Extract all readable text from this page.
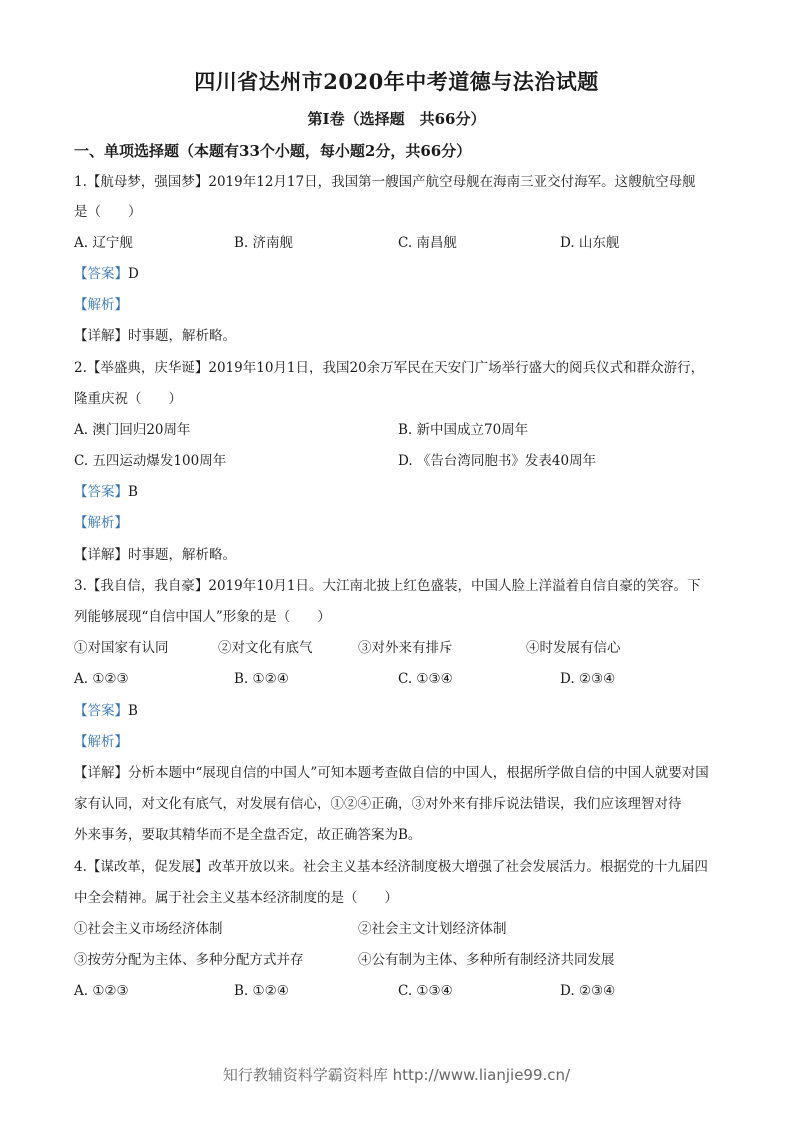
四川省达州市2020年中考道德与法治试题
第I卷（选择题　共66分）
一、单项选择题（本题有33个小题，每小题2分，共66分）
1.【航母梦，强国梦】2019年12月17日，我国第一艘国产航空母舰在海南三亚交付海军。这艘航空母舰
是（　　）
A. 辽宁舰	B. 济南舰	C. 南昌舰	D. 山东舰
【答案】D
【解析】
【详解】时事题，解析略。
2.【举盛典，庆华诞】2019年10月1日，我国20余万军民在天安门广场举行盛大的阅兵仪式和群众游行，
隆重庆祝（　　）
A. 澳门回归20周年	B. 新中国成立70周年
C. 五四运动爆发100周年	D. 《告台湾同胞书》发表40周年
【答案】B
【解析】
【详解】时事题，解析略。
3.【我自信，我自豪】2019年10月1日。大江南北披上红色盛装，中国人脸上洋溢着自信自豪的笑容。下
列能够展现“自信中国人”形象的是（　　）
①对国家有认同	②对文化有底气	③对外来有排斥	④时发展有信心
A. ①②③	B. ①②④	C. ①③④	D. ②③④
【答案】B
【解析】
【详解】分析本题中“展现自信的中国人”可知本题考查做自信的中国人，根据所学做自信的中国人就要对国
家有认同，对文化有底气，对发展有信心，①②④正确，③对外来有排斥说法错误，我们应该理智对待
外来事务，要取其精华而不是全盘否定，故正确答案为B。
4.【谋改革，促发展】改革开放以来。社会主义基本经济制度极大增强了社会发展活力。根据党的十九届四
中全会精神。属于社会主义基本经济制度的是（　　）
①社会主义市场经济体制	②社会主文计划经济体制
③按劳分配为主体、多种分配方式并存	④公有制为主体、多种所有制经济共同发展
A. ①②③	B. ①②④	C. ①③④	D. ②③④
知行教辅资料学霸资料库 http://www.lianjie99.cn/
